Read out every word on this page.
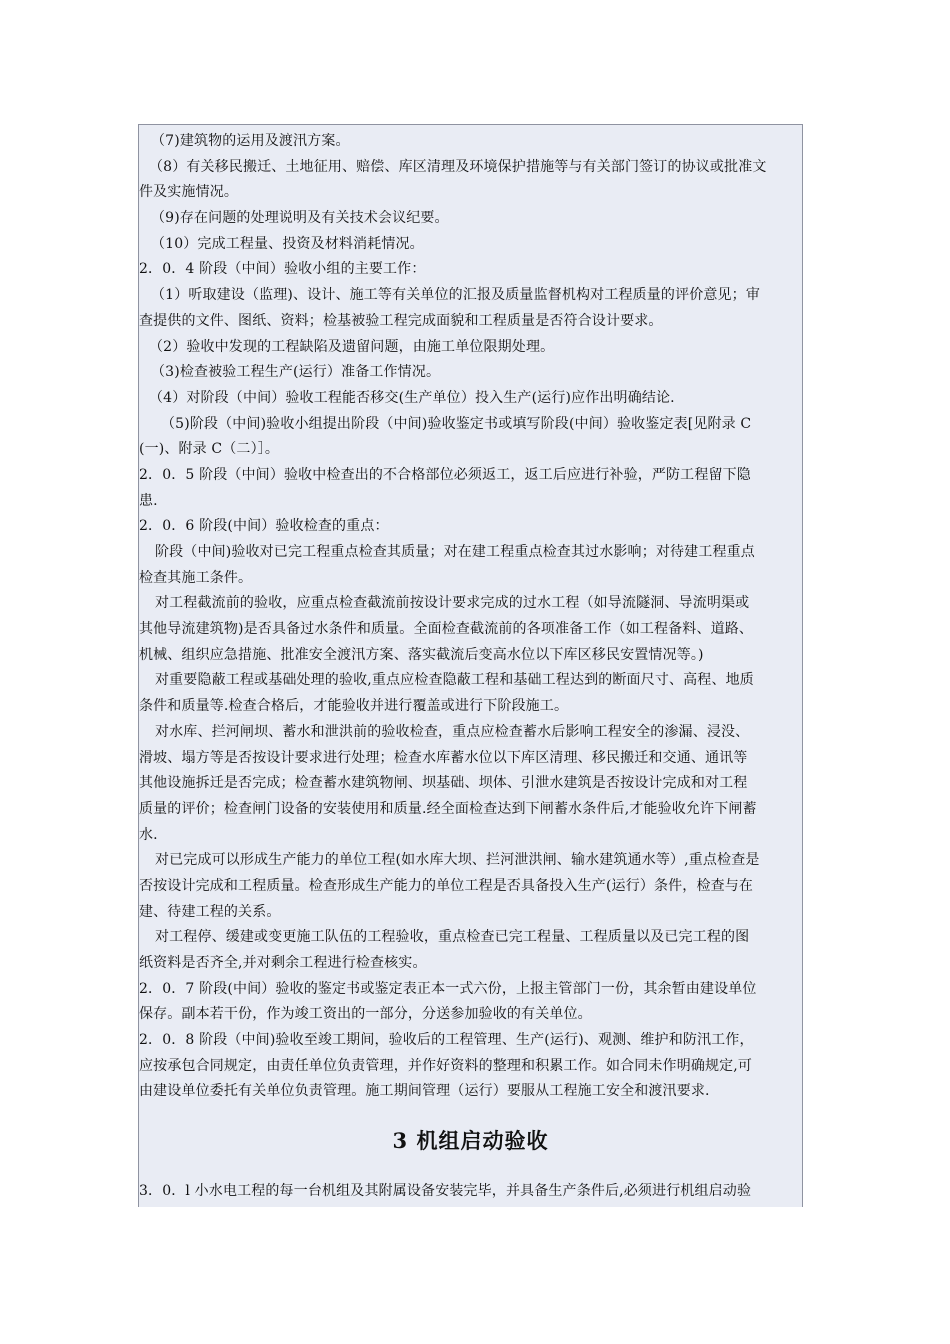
（7)建筑物的运用及渡汛方案。
（8）有关移民搬迁、土地征用、赔偿、库区清理及环境保护措施等与有关部门签订的协议或批准文
件及实施情况。
（9)存在问题的处理说明及有关技术会议纪要。
（10）完成工程量、投资及材料消耗情况。
2．0．4 阶段（中间）验收小组的主要工作：
（1）听取建设（监理)、设计、施工等有关单位的汇报及质量监督机构对工程质量的评价意见；审
查提供的文件、图纸、资料；检基被验工程完成面貌和工程质量是否符合设计要求。
（2）验收中发现的工程缺陷及遗留问题，由施工单位限期处理。
（3)检查被验工程生产(运行）准备工作情况。
（4）对阶段（中间）验收工程能否移交(生产单位）投入生产(运行)应作出明确结论.
（5)阶段（中间)验收小组提出阶段（中间)验收鉴定书或填写阶段(中间）验收鉴定表[见附录 C
(一)、附录 C（二）］。
2．0．5 阶段（中间）验收中检查出的不合格部位必须返工，返工后应进行补验，严防工程留下隐
患.
2．0．6 阶段(中间）验收检查的重点：
阶段（中间)验收对已完工程重点检查其质量；对在建工程重点检查其过水影响；对待建工程重点
检查其施工条件。
对工程截流前的验收，应重点检查截流前按设计要求完成的过水工程（如导流隧洞、导流明渠或
其他导流建筑物)是否具备过水条件和质量。全面检查截流前的各项准备工作（如工程备料、道路、
机械、组织应急措施、批准安全渡汛方案、落实截流后变高水位以下库区移民安置情况等。)
对重要隐蔽工程或基础处理的验收,重点应检查隐蔽工程和基础工程达到的断面尺寸、高程、地质
条件和质量等.检查合格后，才能验收并进行覆盖或进行下阶段施工。
对水库、拦河闸坝、蓄水和泄洪前的验收检查，重点应检查蓄水后影响工程安全的渗漏、浸没、
滑坡、塌方等是否按设计要求进行处理；检查水库蓄水位以下库区清理、移民搬迁和交通、通讯等
其他设施拆迁是否完成；检查蓄水建筑物闸、坝基础、坝体、引泄水建筑是否按设计完成和对工程
质量的评价；检查闸门设备的安装使用和质量.经全面检查达到下闸蓄水条件后,才能验收允许下闸蓄
水.
对已完成可以形成生产能力的单位工程(如水库大坝、拦河泄洪闸、输水建筑通水等）,重点检查是
否按设计完成和工程质量。检查形成生产能力的单位工程是否具备投入生产(运行）条件，检查与在
建、待建工程的关系。
对工程停、缓建或变更施工队伍的工程验收，重点检查已完工程量、工程质量以及已完工程的图
纸资料是否齐全,并对剩余工程进行检查核实。
2．0．7 阶段(中间）验收的鉴定书或鉴定表正本一式六份，上报主管部门一份，其余暂由建设单位
保存。副本若干份，作为竣工资出的一部分，分送参加验收的有关单位。
2．0．8 阶段（中间)验收至竣工期间，验收后的工程管理、生产(运行)、观测、维护和防汛工作，
应按承包合同规定，由责任单位负责管理，并作好资料的整理和积累工作。如合同未作明确规定,可
由建设单位委托有关单位负责管理。施工期间管理（运行）要服从工程施工安全和渡汛要求.
3 机组启动验收
3．0．l 小水电工程的每一台机组及其附属设备安装完毕，并具备生产条件后,必须进行机组启动验
